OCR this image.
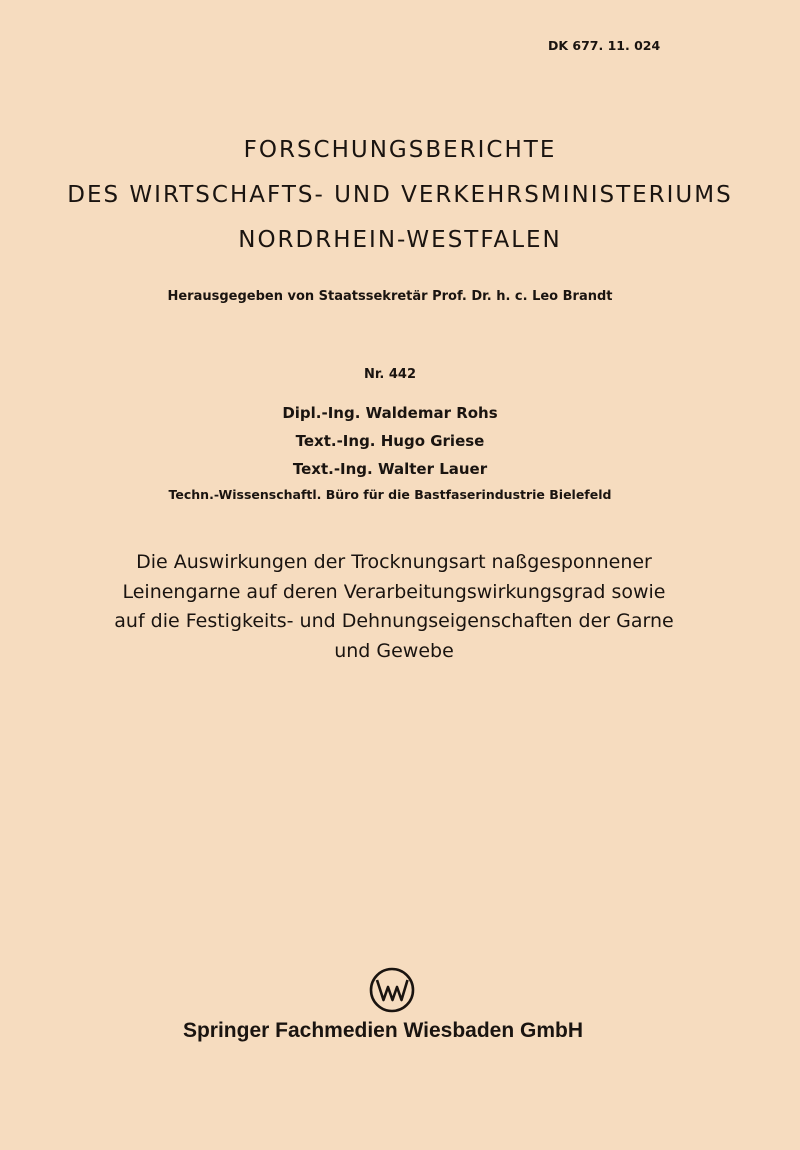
DK 677. 11. 024
FORSCHUNGSBERICHTE
DES WIRTSCHAFTS- UND VERKEHRSMINISTERIUMS
NORDRHEIN-WESTFALEN
Herausgegeben von Staatssekretär Prof. Dr. h. c. Leo Brandt
Nr. 442
Dipl.-Ing. Waldemar Rohs
Text.-Ing. Hugo Griese
Text.-Ing. Walter Lauer
Techn.-Wissenschaftl. Büro für die Bastfaserindustrie Bielefeld
Die Auswirkungen der Trocknungsart naßgesponnener
Leinengarne auf deren Verarbeitungswirkungsgrad sowie
auf die Festigkeits- und Dehnungseigenschaften der Garne
und Gewebe
Springer Fachmedien Wiesbaden GmbH
